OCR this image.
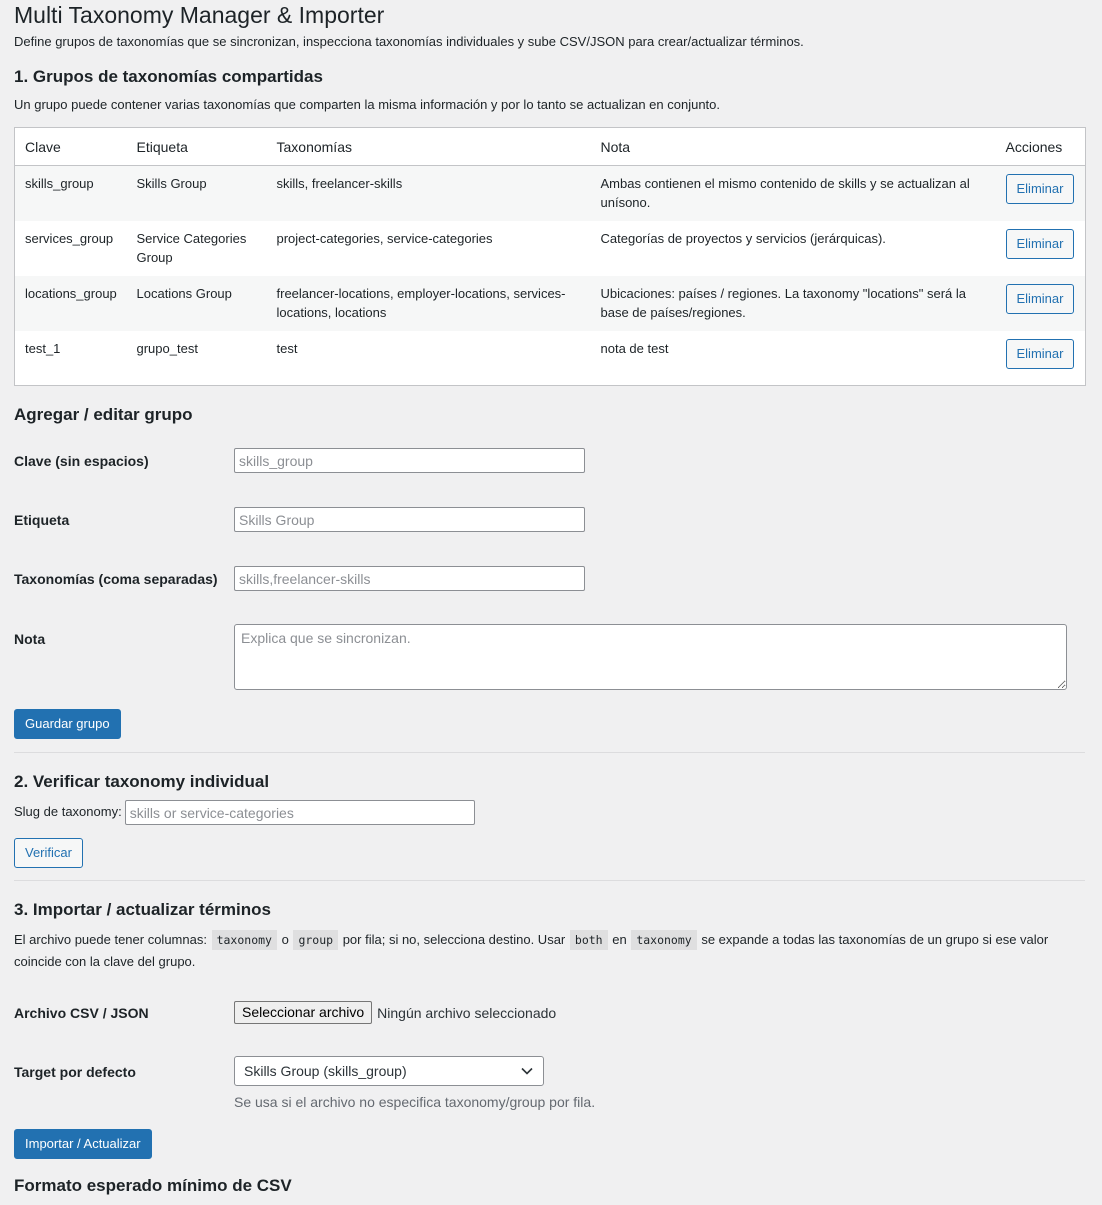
Multi Taxonomy Manager & Importer

Define grupos de taxonomías que se sincronizan, inspecciona taxonomías individuales y sube CSV/JSON para crear/actualizar términos.

1. Grupos de taxonomías compartidas

Un grupo puede contener varias taxonomías que comparten la misma información y por lo tanto se actualizan en conjunto.

Clave	Etiqueta	Taxonomías	Nota	Acciones
skills_group	Skills Group	skills, freelancer-skills	Ambas contienen el mismo contenido de skills y se actualizan al unísono.	Eliminar
services_group	Service Categories Group	project-categories, service-categories	Categorías de proyectos y servicios (jerárquicas).	Eliminar
locations_group	Locations Group	freelancer-locations, employer-locations, services-locations, locations	Ubicaciones: países / regiones. La taxonomy "locations" será la base de países/regiones.	Eliminar
test_1	grupo_test	test	nota de test	Eliminar
Agregar / editar grupo
Clave (sin espacios)
skills_group
Etiqueta
Skills Group
Taxonomías (coma separadas)
skills,freelancer-skills
Nota
Explica que se sincronizan.
Guardar grupo
2. Verificar taxonomy individual
Slug de taxonomy:
skills or service-categories
Verificar
3. Importar / actualizar términos

El archivo puede tener columnas: taxonomy o group por fila; si no, selecciona destino. Usar both en taxonomy se expande a todas las taxonomías de un grupo si ese valor coincide con la clave del grupo.

Archivo CSV / JSON	Seleccionar archivo Ningún archivo seleccionado
Target por defecto	Skills Group (skills_group)
Se usa si el archivo no especifica taxonomy/group por fila.
Importar / Actualizar
Formato esperado mínimo de CSV
